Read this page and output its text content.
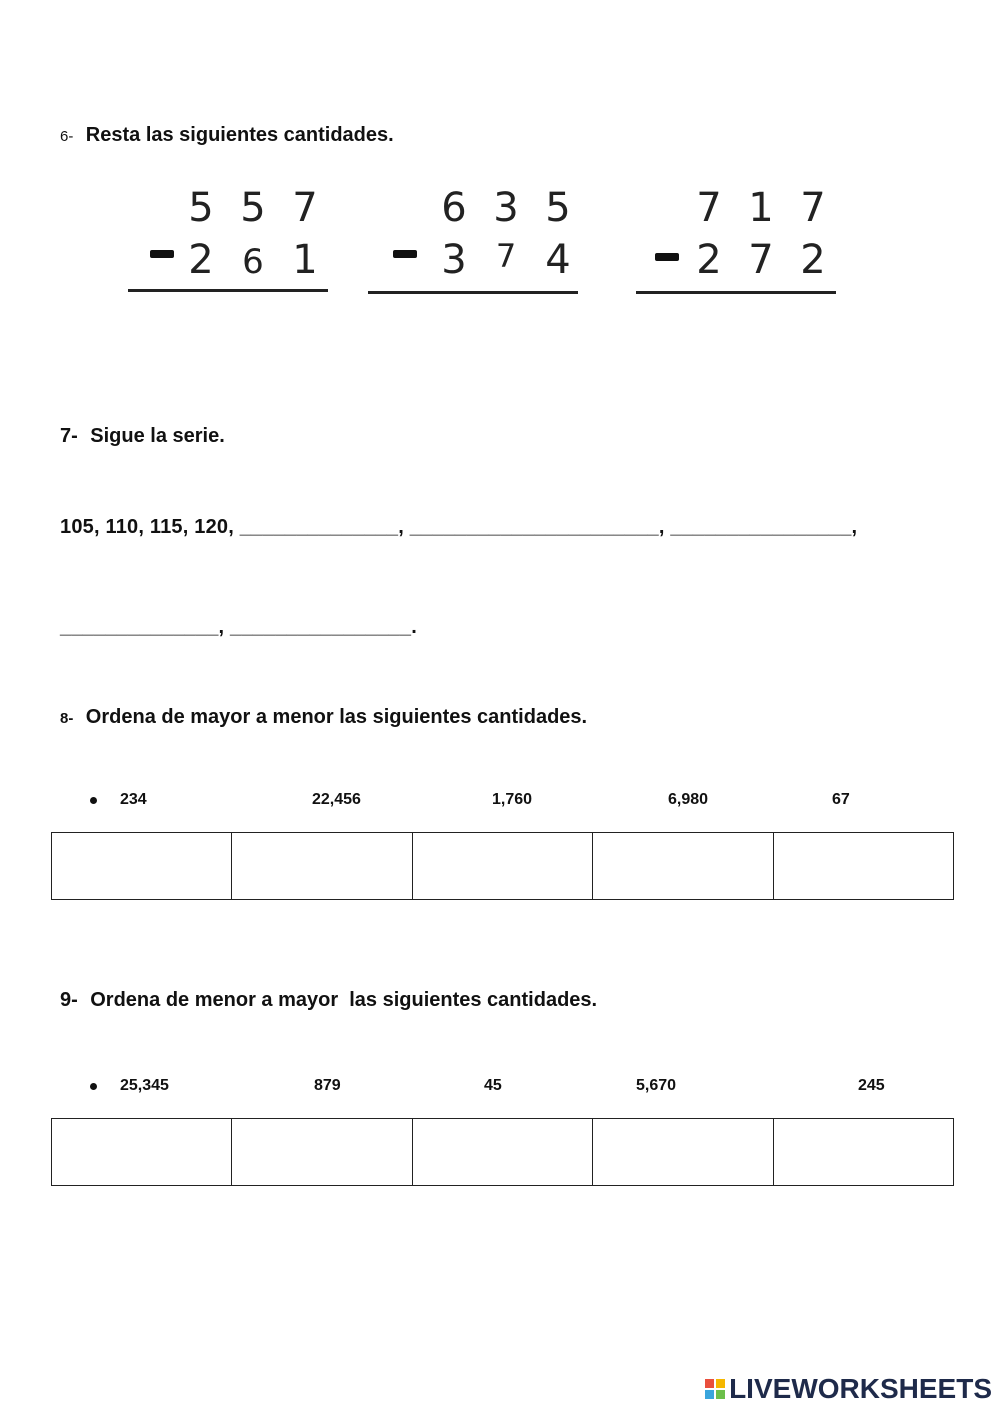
6- Resta las siguientes cantidades.
5 5 7
2 6 1
6 3 5
3 7 4
7 1 7
2 7 2
7- Sigue la serie.
105, 110, 115, 120, ______________, ______________________, ________________,
______________, ________________.
8- Ordena de mayor a menor las siguientes cantidades.
234	22,456	1,760	6,980	67
9- Ordena de menor a mayor  las siguientes cantidades.
25,345	879	45	5,670	245
LIVEWORKSHEETS
